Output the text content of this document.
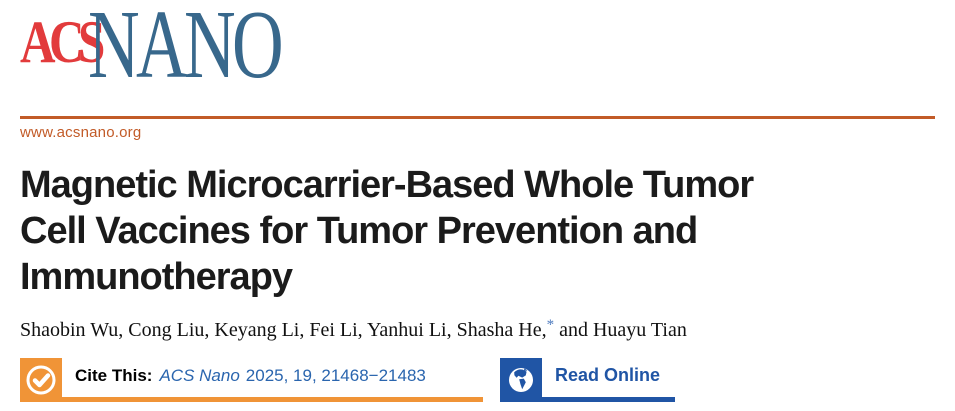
ACS
NANO
www.acsnano.org
Magnetic Microcarrier-Based Whole Tumor
Cell Vaccines for Tumor Prevention and
Immunotherapy

Shaobin Wu, Cong Liu, Keyang Li, Fei Li, Yanhui Li, Shasha He,* and Huayu Tian

Cite This: ACS Nano 2025, 19, 21468−21483	Read Online
